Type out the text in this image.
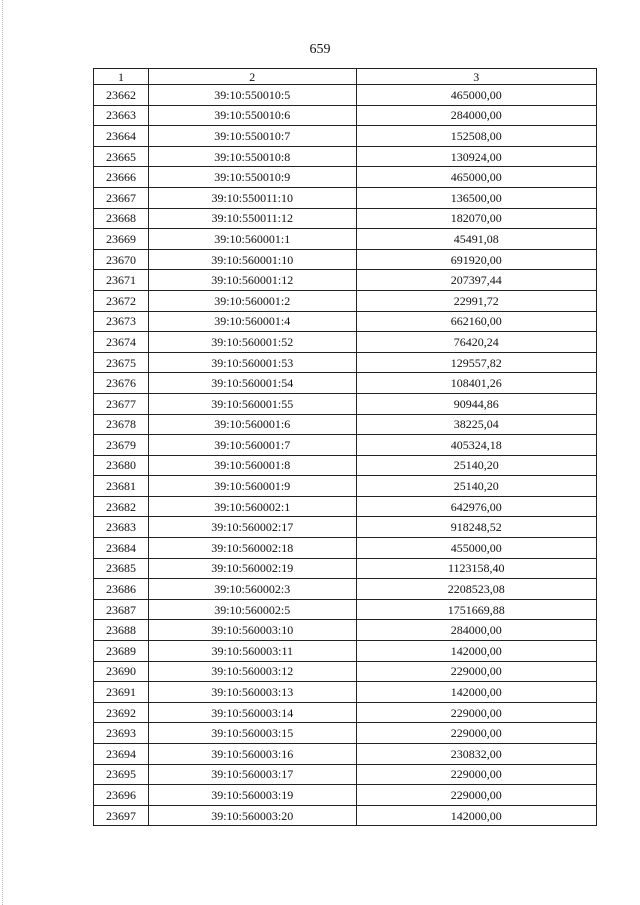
659
1	2	3
23662	39:10:550010:5	465000,00
23663	39:10:550010:6	284000,00
23664	39:10:550010:7	152508,00
23665	39:10:550010:8	130924,00
23666	39:10:550010:9	465000,00
23667	39:10:550011:10	136500,00
23668	39:10:550011:12	182070,00
23669	39:10:560001:1	45491,08
23670	39:10:560001:10	691920,00
23671	39:10:560001:12	207397,44
23672	39:10:560001:2	22991,72
23673	39:10:560001:4	662160,00
23674	39:10:560001:52	76420,24
23675	39:10:560001:53	129557,82
23676	39:10:560001:54	108401,26
23677	39:10:560001:55	90944,86
23678	39:10:560001:6	38225,04
23679	39:10:560001:7	405324,18
23680	39:10:560001:8	25140,20
23681	39:10:560001:9	25140,20
23682	39:10:560002:1	642976,00
23683	39:10:560002:17	918248,52
23684	39:10:560002:18	455000,00
23685	39:10:560002:19	1123158,40
23686	39:10:560002:3	2208523,08
23687	39:10:560002:5	1751669,88
23688	39:10:560003:10	284000,00
23689	39:10:560003:11	142000,00
23690	39:10:560003:12	229000,00
23691	39:10:560003:13	142000,00
23692	39:10:560003:14	229000,00
23693	39:10:560003:15	229000,00
23694	39:10:560003:16	230832,00
23695	39:10:560003:17	229000,00
23696	39:10:560003:19	229000,00
23697	39:10:560003:20	142000,00
